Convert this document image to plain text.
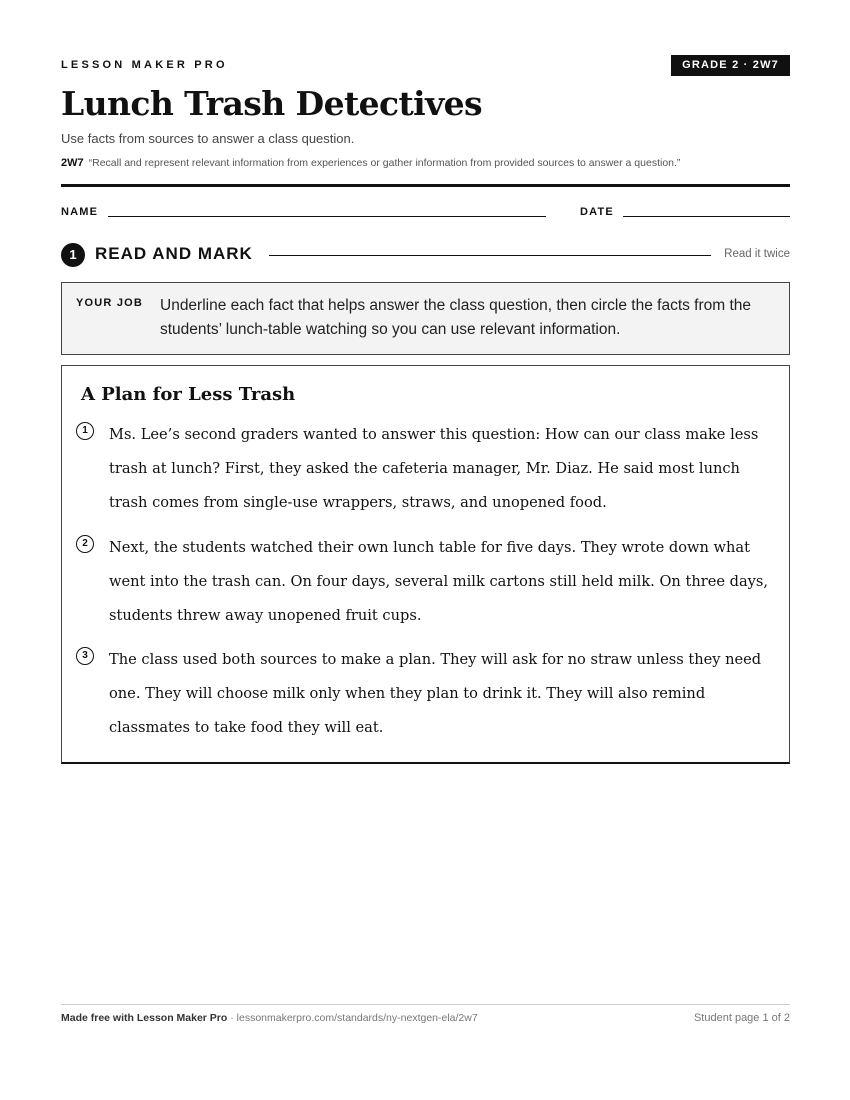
LESSON MAKER PRO	GRADE 2 · 2W7
Lunch Trash Detectives
Use facts from sources to answer a class question.
2W7 “Recall and represent relevant information from experiences or gather information from provided sources to answer a question.”
NAME	DATE
1	READ AND MARK	Read it twice
YOUR JOB Underline each fact that helps answer the class question, then circle the facts from the students’ lunch-table watching so you can use relevant information.
A Plan for Less Trash
1	Ms. Lee’s second graders wanted to answer this question: How can our class make less trash at lunch? First, they asked the cafeteria manager, Mr. Diaz. He said most lunch trash comes from single-use wrappers, straws, and unopened food.
2	Next, the students watched their own lunch table for five days. They wrote down what went into the trash can. On four days, several milk cartons still held milk. On three days, students threw away unopened fruit cups.
3	The class used both sources to make a plan. They will ask for no straw unless they need one. They will choose milk only when they plan to drink it. They will also remind classmates to take food they will eat.
Made free with Lesson Maker Pro · lessonmakerpro.com/standards/ny-nextgen-ela/2w7	Student page 1 of 2
